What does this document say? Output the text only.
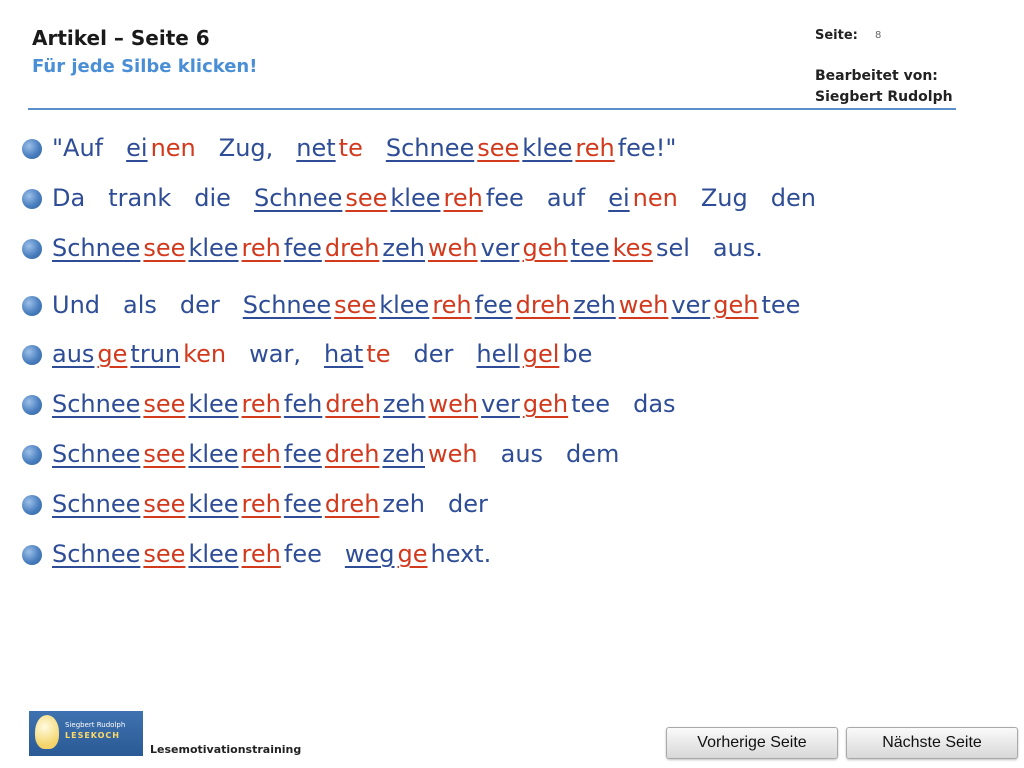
Artikel – Seite 6
Für jede Silbe klicken!
Seite: 8
Bearbeitet von:
Siegbert Rudolph
"Auf ei nen Zug, net te Schnee see klee reh fee!"
Da trank die Schnee see klee reh fee auf ei nen Zug den
Schnee see klee reh fee dreh zeh weh ver geh tee kes sel aus.
Und als der Schnee see klee reh fee dreh zeh weh ver geh tee
aus ge trun ken war, hat te der hell gel be
Schnee see klee reh feh dreh zeh weh ver geh tee das
Schnee see klee reh fee dreh zeh weh aus dem
Schnee see klee reh fee dreh zeh der
Schnee see klee reh fee weg ge hext.
Siegbert Rudolph
LESEKOCH
Lesemotivationstraining	Vorherige Seite	Nächste Seite
